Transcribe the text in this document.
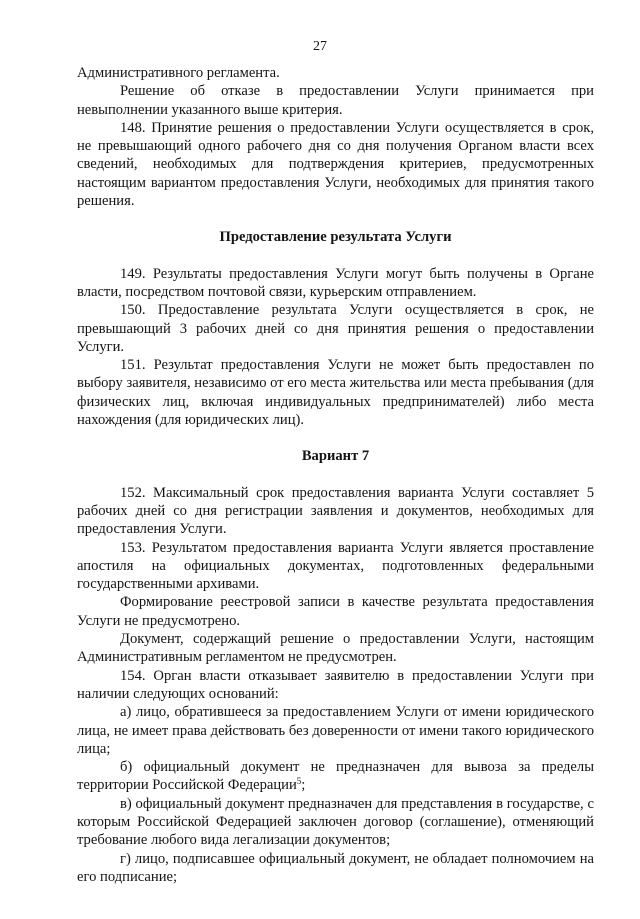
27

Административного регламента.

Решение об отказе в предоставлении Услуги принимается при невыполнении указанного выше критерия.

148. Принятие решения о предоставлении Услуги осуществляется в срок, не превышающий одного рабочего дня со дня получения Органом власти всех сведений, необходимых для подтверждения критериев, предусмотренных настоящим вариантом предоставления Услуги, необходимых для принятия такого решения.

Предоставление результата Услуги

149. Результаты предоставления Услуги могут быть получены в Органе власти, посредством почтовой связи, курьерским отправлением.

150. Предоставление результата Услуги осуществляется в срок, не превышающий 3 рабочих дней со дня принятия решения о предоставлении Услуги.

151. Результат предоставления Услуги не может быть предоставлен по выбору заявителя, независимо от его места жительства или места пребывания (для физических лиц, включая индивидуальных предпринимателей) либо места нахождения (для юридических лиц).

Вариант 7

152. Максимальный срок предоставления варианта Услуги составляет 5 рабочих дней со дня регистрации заявления и документов, необходимых для предоставления Услуги.

153. Результатом предоставления варианта Услуги является проставление апостиля на официальных документах, подготовленных федеральными государственными архивами.

Формирование реестровой записи в качестве результата предоставления Услуги не предусмотрено.

Документ, содержащий решение о предоставлении Услуги, настоящим Административным регламентом не предусмотрен.

154. Орган власти отказывает заявителю в предоставлении Услуги при наличии следующих оснований:

а) лицо, обратившееся за предоставлением Услуги от имени юридического лица, не имеет права действовать без доверенности от имени такого юридического лица;

б) официальный документ не предназначен для вывоза за пределы территории Российской Федерации$^5$;

в) официальный документ предназначен для представления в государстве, с которым Российской Федерацией заключен договор (соглашение), отменяющий требование любого вида легализации документов;

г) лицо, подписавшее официальный документ, не обладает полномочием на его подписание;
